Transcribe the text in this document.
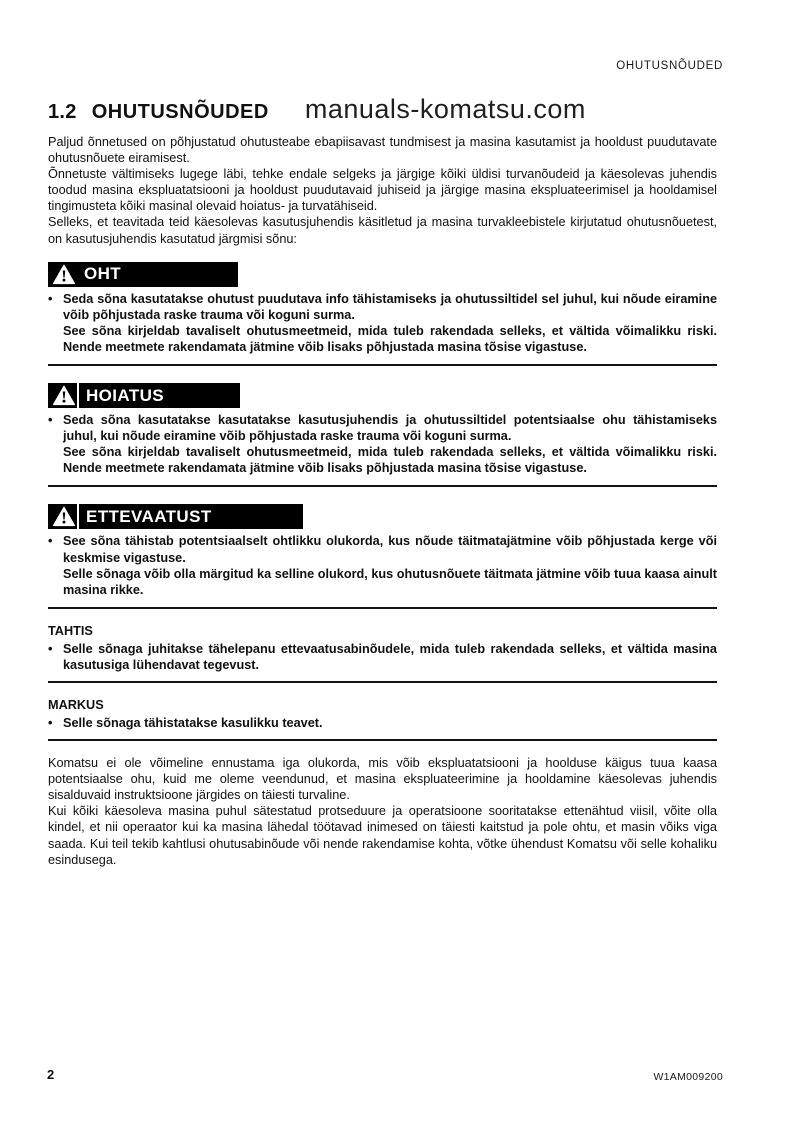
OHUTUSNÕUDED
1.2 OHUTUSNÕUDED manuals-komatsu.com

Paljud õnnetused on põhjustatud ohutusteabe ebapiisavast tundmisest ja masina kasutamist ja hooldust puudutavate ohutusnõuete eiramisest.

Õnnetuste vältimiseks lugege läbi, tehke endale selgeks ja järgige kõiki üldisi turvanõudeid ja käesolevas juhendis toodud masina ekspluatatsiooni ja hooldust puudutavaid juhiseid ja järgige masina ekspluateerimisel ja hooldamisel tingimusteta kõiki masinal olevaid hoiatus- ja turvatähiseid.

Selleks, et teavitada teid käesolevas kasutusjuhendis käsitletud ja masina turvakleebistele kirjutatud ohutusnõuetest, on kasutusjuhendis kasutatud järgmisi sõnu:

OHT
• Seda sõna kasutatakse ohutust puudutava info tähistamiseks ja ohutussiltidel sel juhul, kui nõude eiramine võib põhjustada raske trauma või koguni surma.

See sõna kirjeldab tavaliselt ohutusmeetmeid, mida tuleb rakendada selleks, et vältida võimalikku riski. Nende meetmete rakendamata jätmine võib lisaks põhjustada masina tõsise vigastuse.

HOIATUS
• Seda sõna kasutatakse kasutatakse kasutusjuhendis ja ohutussiltidel potentsiaalse ohu tähistamiseks juhul, kui nõude eiramine võib põhjustada raske trauma või koguni surma.

See sõna kirjeldab tavaliselt ohutusmeetmeid, mida tuleb rakendada selleks, et vältida võimalikku riski. Nende meetmete rakendamata jätmine võib lisaks põhjustada masina tõsise vigastuse.

ETTEVAATUST
• See sõna tähistab potentsiaalselt ohtlikku olukorda, kus nõude täitmatajätmine võib põhjustada kerge või keskmise vigastuse.

Selle sõnaga võib olla märgitud ka selline olukord, kus ohutusnõuete täitmata jätmine võib tuua kaasa ainult masina rikke.

TAHTIS
• Selle sõnaga juhitakse tähelepanu ettevaatusabinõudele, mida tuleb rakendada selleks, et vältida masina kasutusiga lühendavat tegevust.

MARKUS
• Selle sõnaga tähistatakse kasulikku teavet.

Komatsu ei ole võimeline ennustama iga olukorda, mis võib ekspluatatsiooni ja hoolduse käigus tuua kaasa potentsiaalse ohu, kuid me oleme veendunud, et masina ekspluateerimine ja hooldamine käesolevas juhendis sisalduvaid instruktsioone järgides on täiesti turvaline.

Kui kõiki käesoleva masina puhul sätestatud protseduure ja operatsioone sooritatakse ettenähtud viisil, võite olla kindel, et nii operaator kui ka masina lähedal töötavad inimesed on täiesti kaitstud ja pole ohtu, et masin võiks viga saada. Kui teil tekib kahtlusi ohutusabinõude või nende rakendamise kohta, võtke ühendust Komatsu või selle kohaliku esindusega.

2	W1AM009200
